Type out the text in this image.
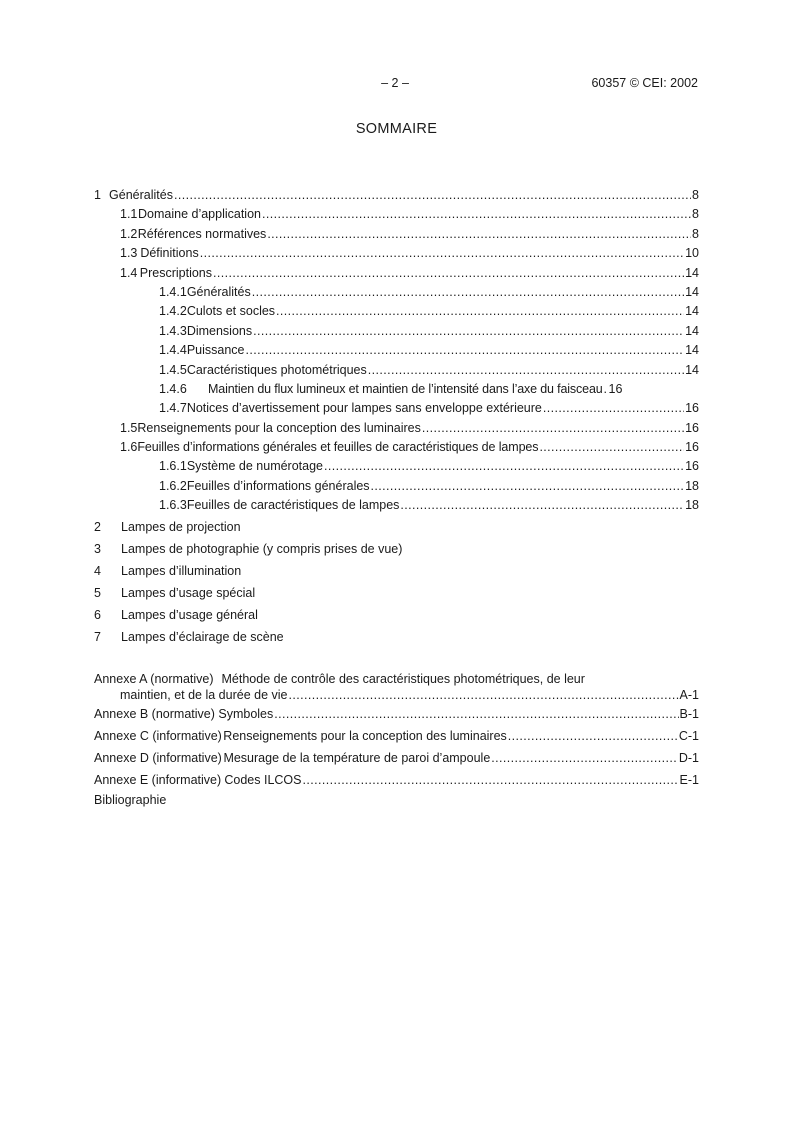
– 2 –	60357 © CEI: 2002
SOMMAIRE
1 Généralités .....	8
1.1 Domaine d’application .....	8
1.2 Références normatives .....	8
1.3 Définitions .....	10
1.4 Prescriptions .....	14
1.4.1 Généralités .....	14
1.4.2 Culots et socles .....	14
1.4.3 Dimensions .....	14
1.4.4 Puissance .....	14
1.4.5 Caractéristiques photométriques .....	14
1.4.6	Maintien du flux lumineux et maintien de l’intensité dans l’axe du faisceau ..... 16
1.4.7 Notices d’avertissement pour lampes sans enveloppe extérieure .....	16
1.5 Renseignements pour la conception des luminaires .....	16
1.6 Feuilles d’informations générales et feuilles de caractéristiques de lampes .....	16
1.6.1 Système de numérotage .....	16
1.6.2 Feuilles d’informations générales .....	18
1.6.3 Feuilles de caractéristiques de lampes .....	18
2 Lampes de projection
3 Lampes de photographie (y compris prises de vue)
4 Lampes d’illumination
5 Lampes d’usage spécial
6 Lampes d’usage général
7 Lampes d’éclairage de scène
Annexe A (normative) Méthode de contrôle des caractéristiques photométriques, de leur
maintien, et de la durée de vie .....	A-1
Annexe B (normative) Symboles .....	B-1
Annexe C (informative) Renseignements pour la conception des luminaires .....	C-1
Annexe D (informative) Mesurage de la température de paroi d’ampoule .....	D-1
Annexe E (informative) Codes ILCOS .....	E-1
Bibliographie
